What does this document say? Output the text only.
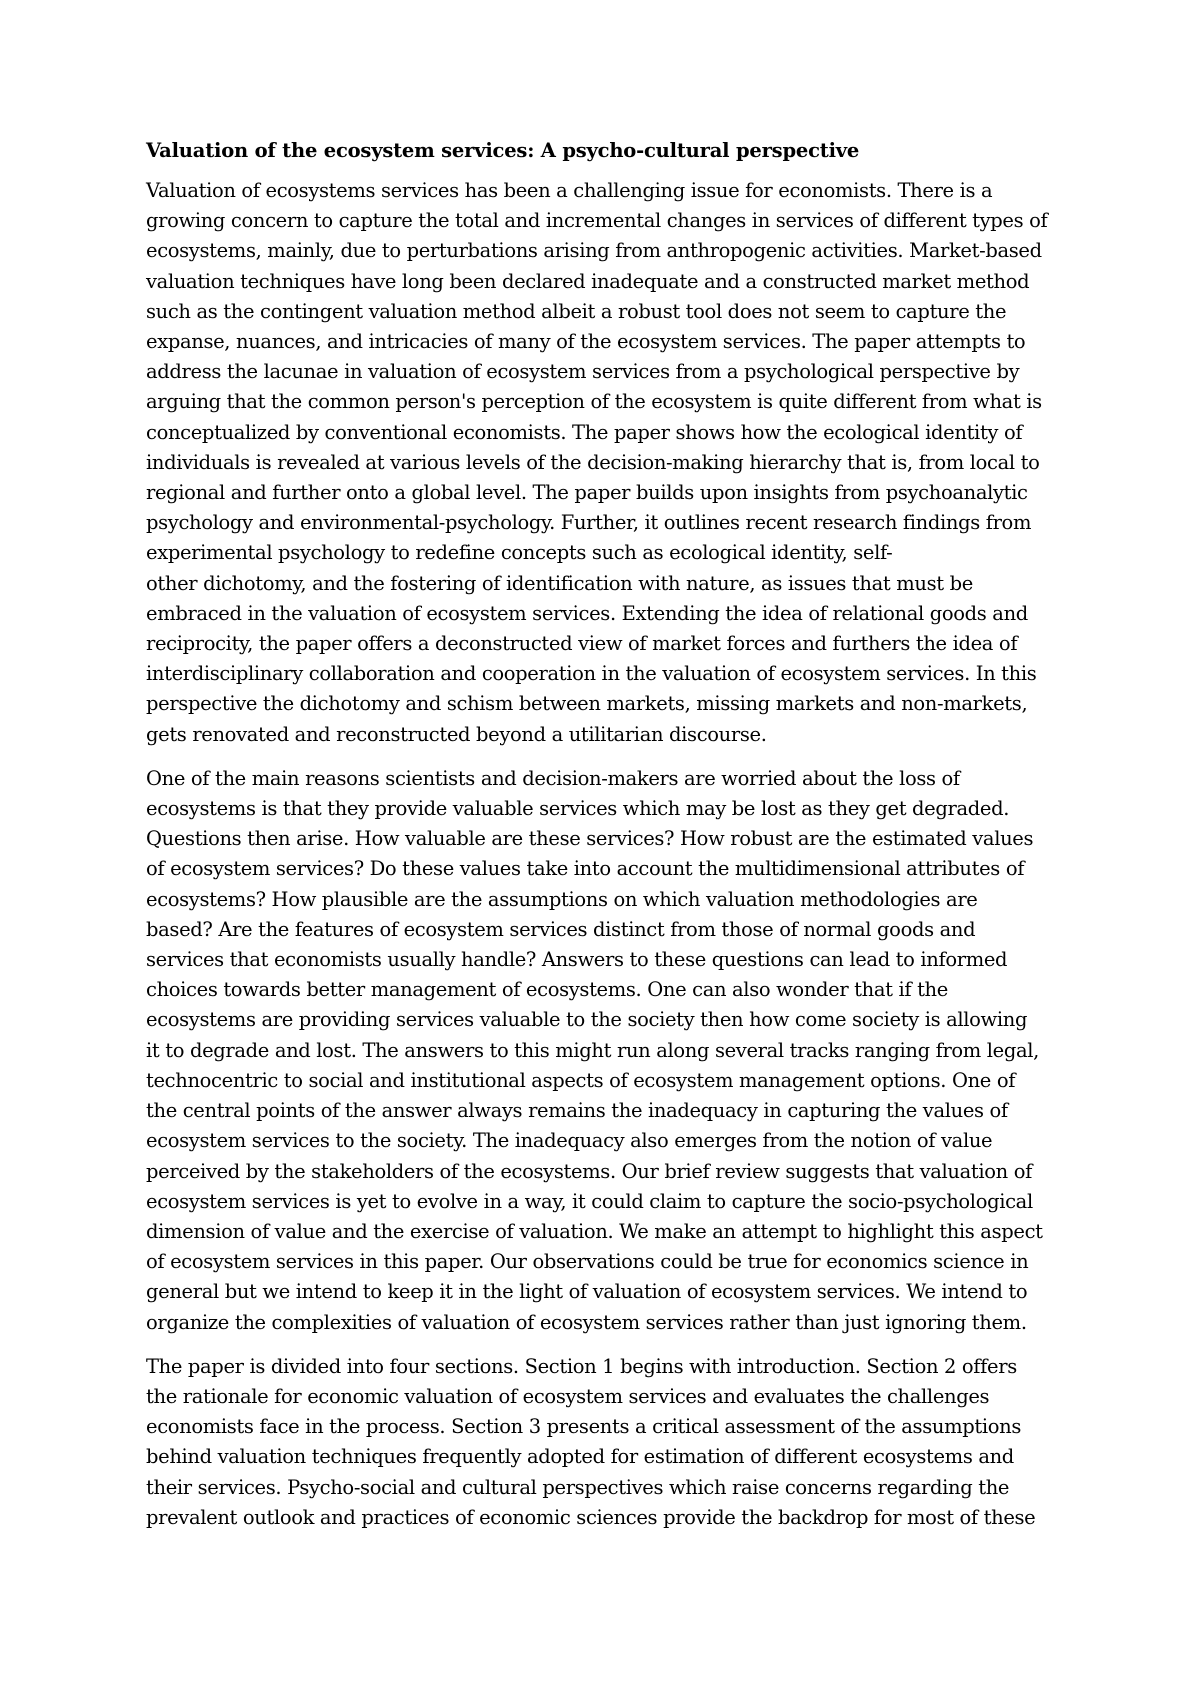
Valuation of the ecosystem services: A psycho-cultural perspective
Valuation of ecosystems services has been a challenging issue for economists. There is a
growing concern to capture the total and incremental changes in services of different types of
ecosystems, mainly, due to perturbations arising from anthropogenic activities. Market-based
valuation techniques have long been declared inadequate and a constructed market method
such as the contingent valuation method albeit a robust tool does not seem to capture the
expanse, nuances, and intricacies of many of the ecosystem services. The paper attempts to
address the lacunae in valuation of ecosystem services from a psychological perspective by
arguing that the common person's perception of the ecosystem is quite different from what is
conceptualized by conventional economists. The paper shows how the ecological identity of
individuals is revealed at various levels of the decision-making hierarchy that is, from local to
regional and further onto a global level. The paper builds upon insights from psychoanalytic
psychology and environmental-psychology. Further, it outlines recent research findings from
experimental psychology to redefine concepts such as ecological identity, self-
other dichotomy, and the fostering of identification with nature, as issues that must be
embraced in the valuation of ecosystem services. Extending the idea of relational goods and
reciprocity, the paper offers a deconstructed view of market forces and furthers the idea of
interdisciplinary collaboration and cooperation in the valuation of ecosystem services. In this
perspective the dichotomy and schism between markets, missing markets and non-markets,
gets renovated and reconstructed beyond a utilitarian discourse.
One of the main reasons scientists and decision-makers are worried about the loss of
ecosystems is that they provide valuable services which may be lost as they get degraded.
Questions then arise. How valuable are these services? How robust are the estimated values
of ecosystem services? Do these values take into account the multidimensional attributes of
ecosystems? How plausible are the assumptions on which valuation methodologies are
based? Are the features of ecosystem services distinct from those of normal goods and
services that economists usually handle? Answers to these questions can lead to informed
choices towards better management of ecosystems. One can also wonder that if the
ecosystems are providing services valuable to the society then how come society is allowing
it to degrade and lost. The answers to this might run along several tracks ranging from legal,
technocentric to social and institutional aspects of ecosystem management options. One of
the central points of the answer always remains the inadequacy in capturing the values of
ecosystem services to the society. The inadequacy also emerges from the notion of value
perceived by the stakeholders of the ecosystems. Our brief review suggests that valuation of
ecosystem services is yet to evolve in a way, it could claim to capture the socio-psychological
dimension of value and the exercise of valuation. We make an attempt to highlight this aspect
of ecosystem services in this paper. Our observations could be true for economics science in
general but we intend to keep it in the light of valuation of ecosystem services. We intend to
organize the complexities of valuation of ecosystem services rather than just ignoring them.
The paper is divided into four sections. Section 1 begins with introduction. Section 2 offers
the rationale for economic valuation of ecosystem services and evaluates the challenges
economists face in the process. Section 3 presents a critical assessment of the assumptions
behind valuation techniques frequently adopted for estimation of different ecosystems and
their services. Psycho-social and cultural perspectives which raise concerns regarding the
prevalent outlook and practices of economic sciences provide the backdrop for most of these
